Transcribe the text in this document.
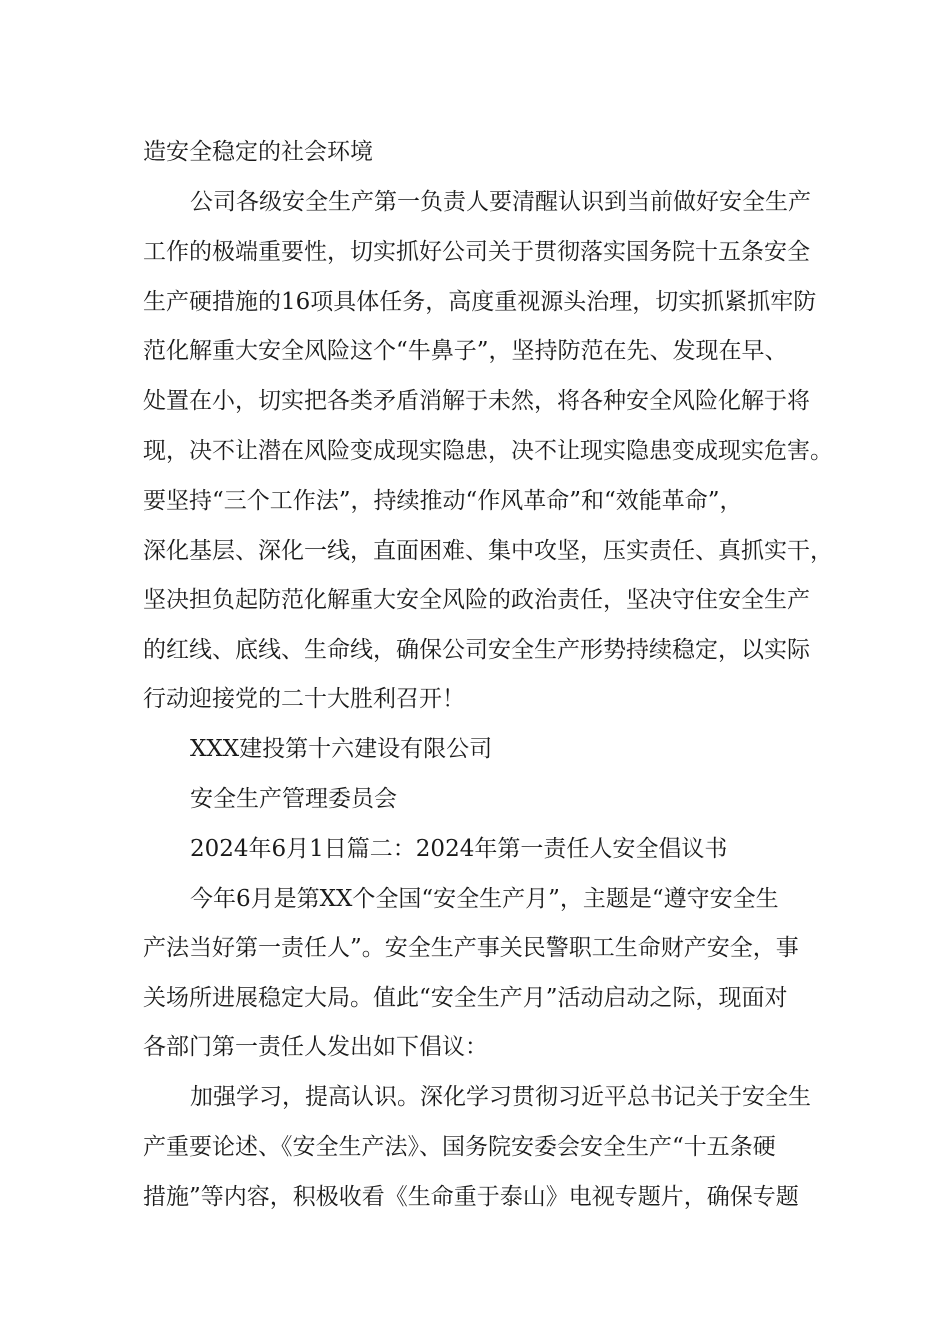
造安全稳定的社会环境
公司各级安全生产第一负责人要清醒认识到当前做好安全生产
工作的极端重要性，切实抓好公司关于贯彻落实国务院十五条安全
生产硬措施的16项具体任务，高度重视源头治理，切实抓紧抓牢防
范化解重大安全风险这个“牛鼻子”，坚持防范在先、发现在早、
处置在小，切实把各类矛盾消解于未然，将各种安全风险化解于将
现，决不让潜在风险变成现实隐患，决不让现实隐患变成现实危害。
要坚持“三个工作法”，持续推动“作风革命”和“效能革命”，
深化基层、深化一线，直面困难、集中攻坚，压实责任、真抓实干，
坚决担负起防范化解重大安全风险的政治责任，坚决守住安全生产
的红线、底线、生命线，确保公司安全生产形势持续稳定，以实际
行动迎接党的二十大胜利召开！
XXX建投第十六建设有限公司
安全生产管理委员会
2024年6月1日篇二：2024年第一责任人安全倡议书
今年6月是第XX个全国“安全生产月”，主题是“遵守安全生
产法当好第一责任人”。安全生产事关民警职工生命财产安全，事
关场所进展稳定大局。值此“安全生产月”活动启动之际，现面对
各部门第一责任人发出如下倡议：
加强学习，提高认识。深化学习贯彻习近平总书记关于安全生
产重要论述、《安全生产法》、国务院安委会安全生产“十五条硬
措施”等内容，积极收看《生命重于泰山》电视专题片，确保专题
